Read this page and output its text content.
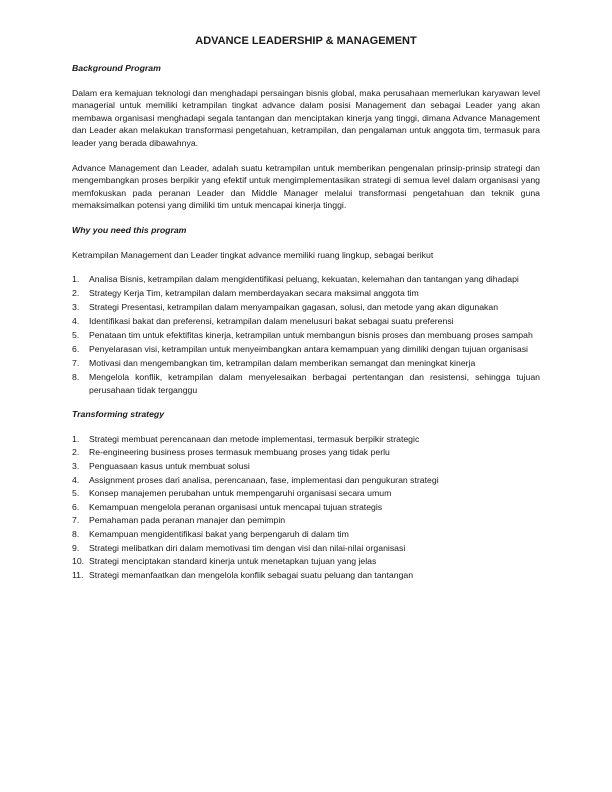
ADVANCE LEADERSHIP & MANAGEMENT
Background Program
Dalam era kemajuan teknologi dan menghadapi persaingan bisnis global, maka perusahaan memerlukan karyawan level managerial untuk memiliki ketrampilan tingkat advance dalam posisi Management dan sebagai Leader yang akan membawa organisasi menghadapi segala tantangan dan menciptakan kinerja yang tinggi, dimana Advance Management dan Leader akan melakukan transformasi pengetahuan, ketrampilan, dan pengalaman untuk anggota tim, termasuk para leader yang berada dibawahnya.
Advance Management dan Leader, adalah suatu ketrampilan untuk memberikan pengenalan prinsip-prinsip strategi dan mengembangkan proses berpikir yang efektif untuk mengimplementasikan strategi di semua level dalam organisasi yang memfokuskan pada peranan Leader dan Middle Manager melalui transformasi pengetahuan dan teknik guna memaksimalkan potensi yang dimiliki tim untuk mencapai kinerja tinggi.
Why you need this program
Ketrampilan Management dan Leader tingkat advance memiliki ruang lingkup, sebagai berikut
1. Analisa Bisnis, ketrampilan dalam mengidentifikasi peluang, kekuatan, kelemahan dan tantangan yang dihadapi
2. Strategy Kerja Tim, ketrampilan dalam memberdayakan secara maksimal anggota tim
3. Strategi Presentasi, ketrampilan dalam menyampaikan gagasan, solusi, dan metode yang akan digunakan
4. Identifikasi bakat dan preferensi, ketrampilan dalam menelusuri bakat sebagai suatu preferensi
5. Penataan tim untuk efektifitas kinerja, ketrampilan untuk membangun bisnis proses dan membuang proses sampah
6. Penyelarasan visi, ketrampilan untuk menyeimbangkan antara kemampuan yang dimiliki dengan tujuan organisasi
7. Motivasi dan mengembangkan tim, ketrampilan dalam memberikan semangat dan meningkat kinerja
8. Mengelola konflik, ketrampilan dalam menyelesaikan berbagai pertentangan dan resistensi, sehingga tujuan perusahaan tidak terganggu
Transforming strategy
1. Strategi membuat perencanaan dan metode implementasi, termasuk berpikir strategic
2. Re-engineering business proses termasuk membuang proses yang tidak perlu
3. Penguasaan kasus untuk membuat solusi
4. Assignment proses dari analisa, perencanaan, fase, implementasi dan pengukuran strategi
5. Konsep manajemen perubahan untuk mempengaruhi organisasi secara umum
6. Kemampuan mengelola peranan organisasi untuk mencapai tujuan strategis
7. Pemahaman pada peranan manajer dan pemimpin
8. Kemampuan mengidentifikasi bakat yang berpengaruh di dalam tim
9. Strategi melibatkan diri dalam memotivasi tim dengan visi dan nilai-nilai organisasi
10. Strategi menciptakan standard kinerja untuk menetapkan tujuan yang jelas
11. Strategi memanfaatkan dan mengelola konflik sebagai suatu peluang dan tantangan
